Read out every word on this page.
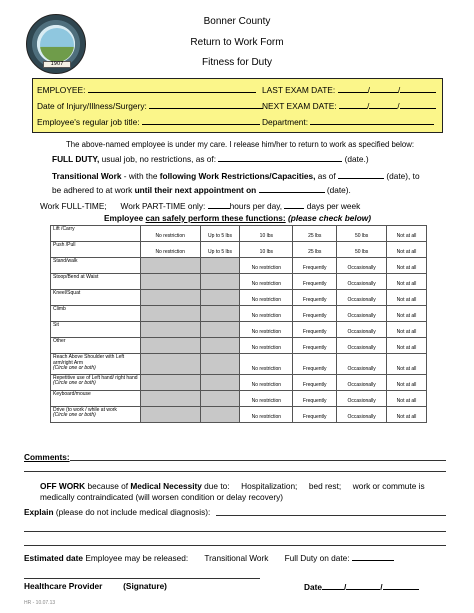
1907
Bonner County
Return to Work Form
Fitness for Duty
EMPLOYEE:	LAST EXAM DATE:	/	/
Date of Injury/Illness/Surgery:	NEXT EXAM DATE:	/	/
Employee's regular job title:	Department:
The above-named employee is under my care. I release him/her to return to work as specified below:
FULL DUTY, usual job, no restrictions, as of:	(date.)
Transitional Work - with the following Work Restrictions/Capacities, as of	(date), to
be adhered to at work until their next appointment on	(date).
Work FULL-TIME; Work PART-TIME only:	hours per day,	days per week
Employee can safely perform these functions: (please check below)
Lift /Carry	No restriction	Up to 5 lbs	10 lbs	25 lbs	50 lbs	Not at all
Push /Pull	No restriction	Up to 5 lbs	10 lbs	25 lbs	50 lbs	Not at all
Stand/walk			No restriction	Frequently	Occasionally	Not at all
Stoop/Bend at Waist			No restriction	Frequently	Occasionally	Not at all
Kneel/Squat			No restriction	Frequently	Occasionally	Not at all
Climb			No restriction	Frequently	Occasionally	Not at all
Sit			No restriction	Frequently	Occasionally	Not at all
Other			No restriction	Frequently	Occasionally	Not at all
Reach Above Shoulder with Left arm/right Arm
(Circle one or both)			No restriction	Frequently	Occasionally	Not at all
Repetitive use of Left hand/ right hand
(Circle one or both)			No restriction	Frequently	Occasionally	Not at all
Keyboard/mouse			No restriction	Frequently	Occasionally	Not at all
Drive (to work / while at work
(Circle one or both)			No restriction	Frequently	Occasionally	Not at all
Comments:
OFF WORK because of Medical Necessity due to: Hospitalization; bed rest; work or commute is
medically contraindicated (will worsen condition or delay recovery)
Explain (please do not include medical diagnosis):
Estimated date Employee may be released: Transitional Work Full Duty on date:
Healthcare Provider	(Signature)	Date	/	/
HR - 10.07.13
